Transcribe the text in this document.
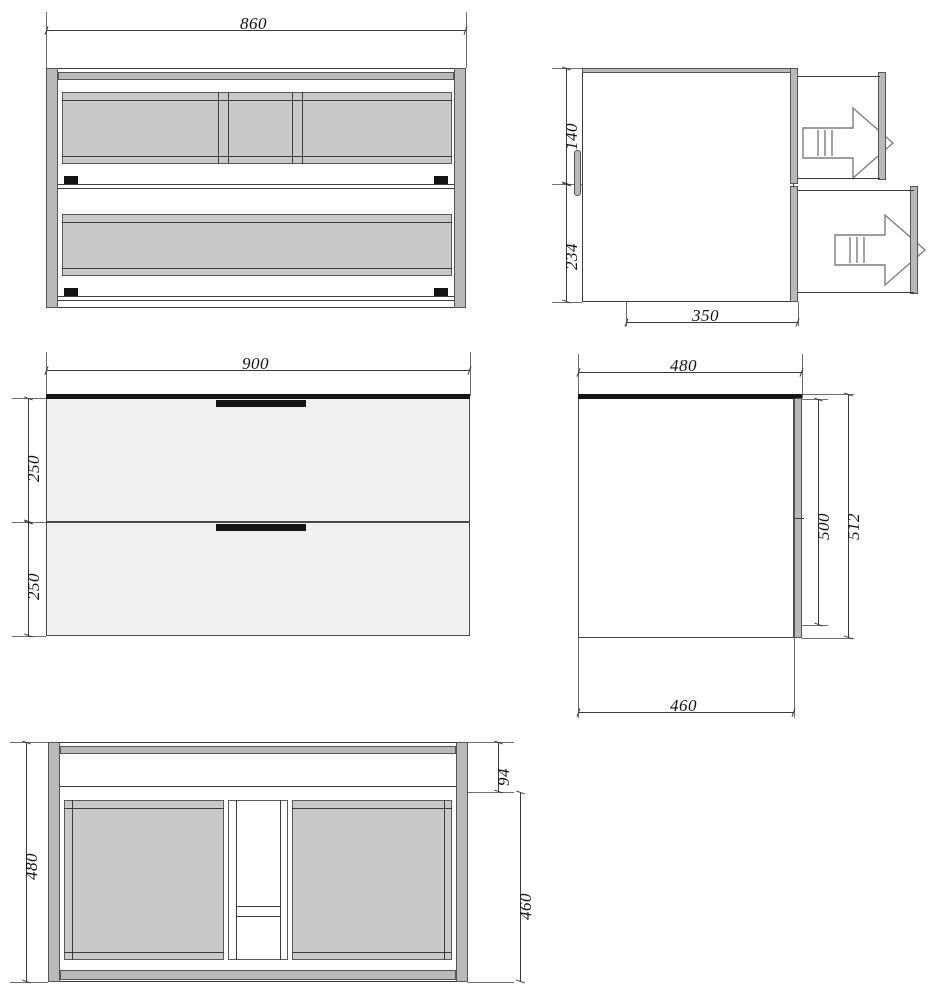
860
140
234
350
900
250
250
480
500 512
460
480
94
460
